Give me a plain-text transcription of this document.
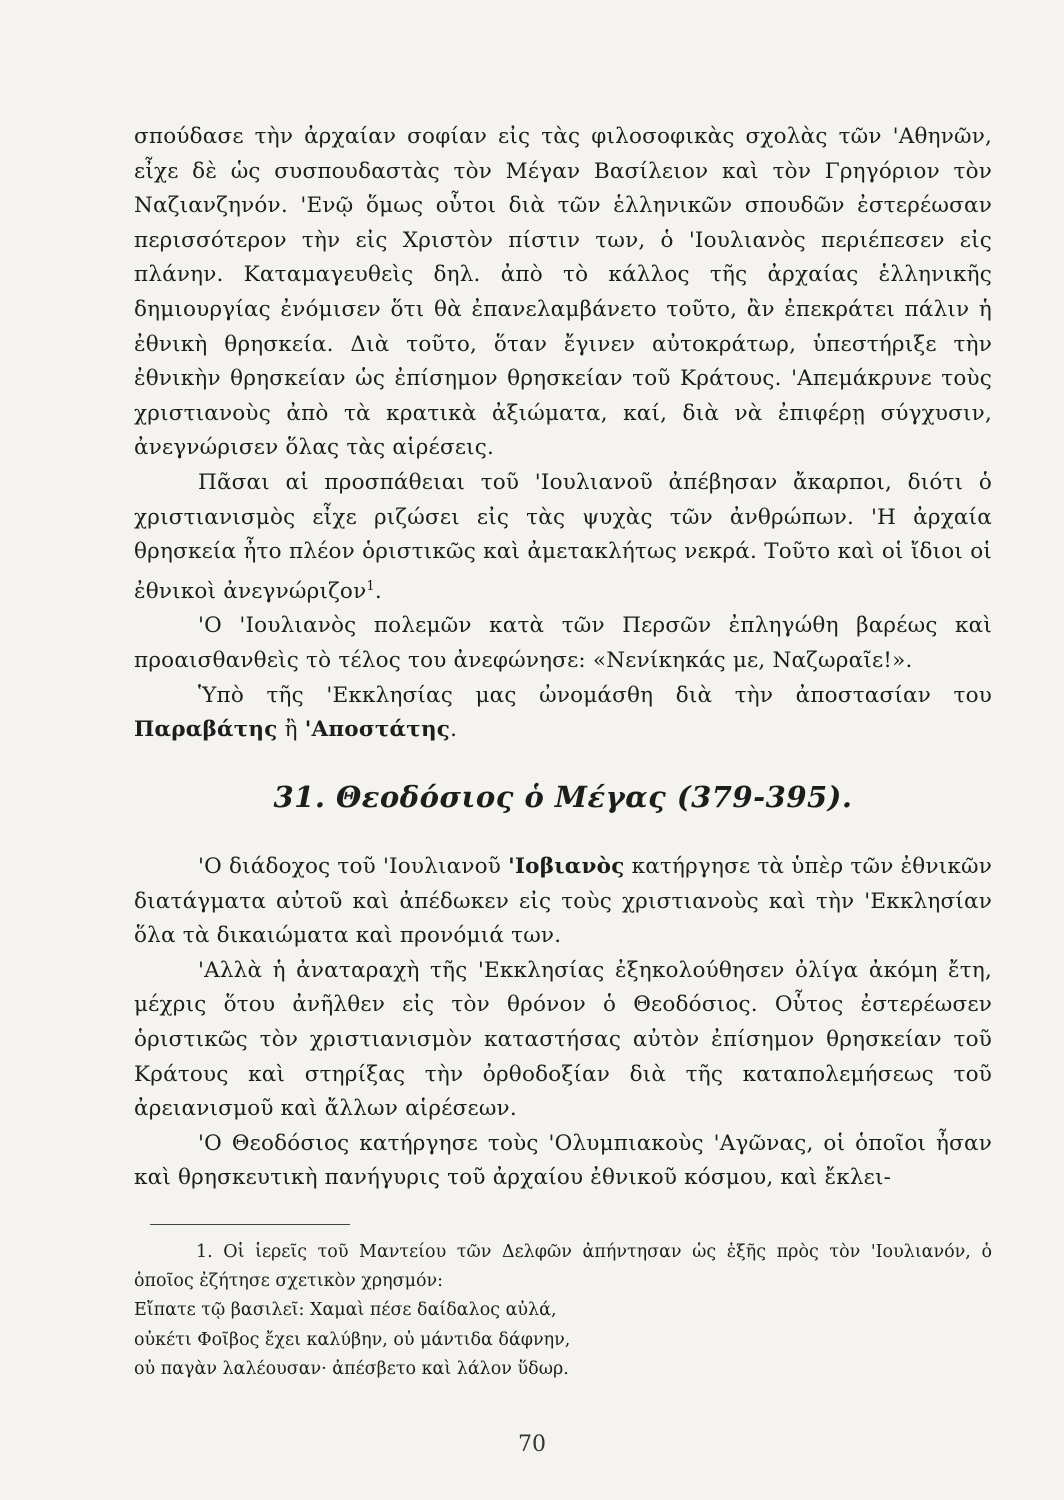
σπούδασε τὴν ἀρχαίαν σοφίαν εἰς τὰς φιλοσοφικὰς σχολὰς τῶν 'Αθηνῶν, εἶχε δὲ ὡς συσπουδαστὰς τὸν Μέγαν Βασίλειον καὶ τὸν Γρηγόριον τὸν Ναζιανζηνόν. 'Ενῷ ὅμως οὗτοι διὰ τῶν ἑλληνικῶν σπουδῶν ἐστερέωσαν περισσότερον τὴν εἰς Χριστὸν πίστιν των, ὁ 'Ιουλιανὸς περιέπεσεν εἰς πλάνην. Καταμαγευθεὶς δηλ. ἀπὸ τὸ κάλλος τῆς ἀρχαίας ἑλληνικῆς δημιουργίας ἐνόμισεν ὅτι θὰ ἐπανελαμβάνετο τοῦτο, ἂν ἐπεκράτει πάλιν ἡ ἐθνικὴ θρησκεία. Διὰ τοῦτο, ὅταν ἔγινεν αὐτοκράτωρ, ὑπεστήριξε τὴν ἐθνικὴν θρησκείαν ὡς ἐπίσημον θρησκείαν τοῦ Κράτους. 'Απεμάκρυνε τοὺς χριστιανοὺς ἀπὸ τὰ κρατικὰ ἀξιώματα, καί, διὰ νὰ ἐπιφέρῃ σύγχυσιν, ἀνεγνώρισεν ὅλας τὰς αἱρέσεις.

Πᾶσαι αἱ προσπάθειαι τοῦ 'Ιουλιανοῦ ἀπέβησαν ἄκαρποι, διότι ὁ χριστιανισμὸς εἶχε ριζώσει εἰς τὰς ψυχὰς τῶν ἀνθρώπων. 'Η ἀρχαία θρησκεία ἦτο πλέον ὁριστικῶς καὶ ἀμετακλήτως νεκρά. Τοῦτο καὶ οἱ ἴδιοι οἱ ἐθνικοὶ ἀνεγνώριζον$^1$.

'Ο 'Ιουλιανὸς πολεμῶν κατὰ τῶν Περσῶν ἐπληγώθη βαρέως καὶ προαισθανθεὶς τὸ τέλος του ἀνεφώνησε: «Νενίκηκάς με, Ναζωραῖε!».

Ὑπὸ τῆς 'Εκκλησίας μας ὠνομάσθη διὰ τὴν ἀποστασίαν του Παραβάτης ἢ 'Αποστάτης.

31. Θεοδόσιος ὁ Μέγας (379-395).

'Ο διάδοχος τοῦ 'Ιουλιανοῦ 'Ιοβιανὸς κατήργησε τὰ ὑπὲρ τῶν ἐθνικῶν διατάγματα αὐτοῦ καὶ ἀπέδωκεν εἰς τοὺς χριστιανοὺς καὶ τὴν 'Εκκλησίαν ὅλα τὰ δικαιώματα καὶ προνόμιά των.

'Αλλὰ ἡ ἀναταραχὴ τῆς 'Εκκλησίας ἐξηκολούθησεν ὀλίγα ἀκόμη ἔτη, μέχρις ὅτου ἀνῆλθεν εἰς τὸν θρόνον ὁ Θεοδόσιος. Οὗτος ἐστερέωσεν ὁριστικῶς τὸν χριστιανισμὸν καταστήσας αὐτὸν ἐπίσημον θρησκείαν τοῦ Κράτους καὶ στηρίξας τὴν ὀρθοδοξίαν διὰ τῆς καταπολεμήσεως τοῦ ἀρειανισμοῦ καὶ ἄλλων αἱρέσεων.

'Ο Θεοδόσιος κατήργησε τοὺς 'Ολυμπιακοὺς 'Αγῶνας, οἱ ὁποῖοι ἦσαν καὶ θρησκευτικὴ πανήγυρις τοῦ ἀρχαίου ἐθνικοῦ κόσμου, καὶ ἔκλει-

1. Οἱ ἱερεῖς τοῦ Μαντείου τῶν Δελφῶν ἀπήντησαν ὡς ἑξῆς πρὸς τὸν 'Ιουλιανόν, ὁ ὁποῖος ἐζήτησε σχετικὸν χρησμόν:

Εἴπατε τῷ βασιλεῖ: Χαμαὶ πέσε δαίδαλος αὐλά,

οὐκέτι Φοῖβος ἔχει καλύβην, οὐ μάντιδα δάφνην,

οὐ παγὰν λαλέουσαν· ἀπέσβετο καὶ λάλον ὕδωρ.

70
